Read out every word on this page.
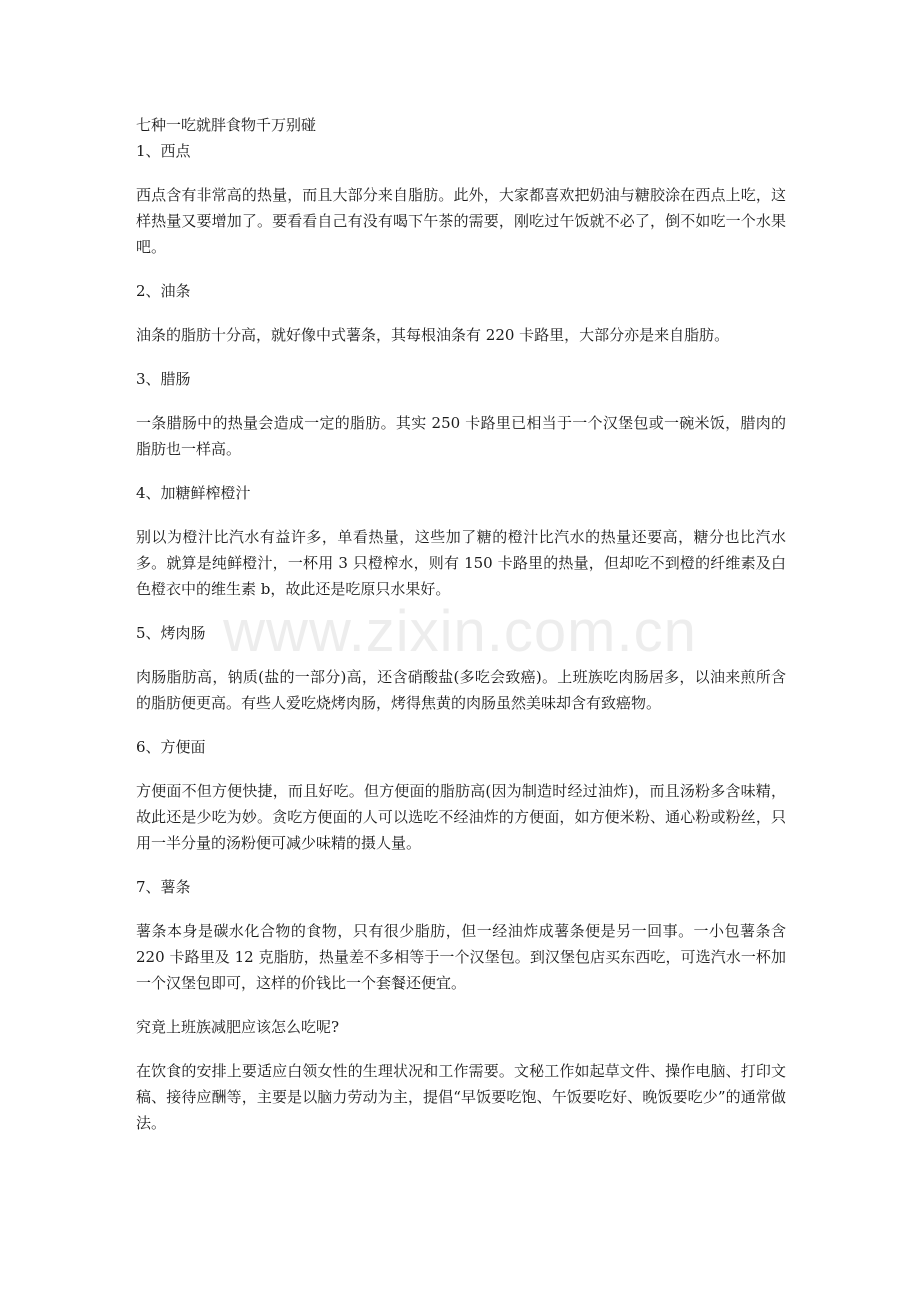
七种一吃就胖食物千万别碰

1、西点

西点含有非常高的热量，而且大部分来自脂肪。此外，大家都喜欢把奶油与糖胶涂在西点上吃，这样热量又要增加了。要看看自己有没有喝下午茶的需要，刚吃过午饭就不必了，倒不如吃一个水果吧。

2、油条

油条的脂肪十分高，就好像中式薯条，其每根油条有 220 卡路里，大部分亦是来自脂肪。

3、腊肠

一条腊肠中的热量会造成一定的脂肪。其实 250 卡路里已相当于一个汉堡包或一碗米饭，腊肉的脂肪也一样高。

4、加糖鲜榨橙汁

别以为橙汁比汽水有益许多，单看热量，这些加了糖的橙汁比汽水的热量还要高，糖分也比汽水多。就算是纯鲜橙汁，一杯用 3 只橙榨水，则有 150 卡路里的热量，但却吃不到橙的纤维素及白色橙衣中的维生素 b，故此还是吃原只水果好。

5、烤肉肠

肉肠脂肪高，钠质(盐的一部分)高，还含硝酸盐(多吃会致癌)。上班族吃肉肠居多，以油来煎所含的脂肪便更高。有些人爱吃烧烤肉肠，烤得焦黄的肉肠虽然美味却含有致癌物。

6、方便面

方便面不但方便快捷，而且好吃。但方便面的脂肪高(因为制造时经过油炸)，而且汤粉多含味精，故此还是少吃为妙。贪吃方便面的人可以选吃不经油炸的方便面，如方便米粉、通心粉或粉丝，只用一半分量的汤粉便可减少味精的摄人量。

7、薯条

薯条本身是碳水化合物的食物，只有很少脂肪，但一经油炸成薯条便是另一回事。一小包薯条含 220 卡路里及 12 克脂肪，热量差不多相等于一个汉堡包。到汉堡包店买东西吃，可选汽水一杯加一个汉堡包即可，这样的价钱比一个套餐还便宜。

究竟上班族减肥应该怎么吃呢?

在饮食的安排上要适应白领女性的生理状况和工作需要。文秘工作如起草文件、操作电脑、打印文稿、接待应酬等，主要是以脑力劳动为主，提倡“早饭要吃饱、午饭要吃好、晚饭要吃少”的通常做法。

www.zixin.com.cn
